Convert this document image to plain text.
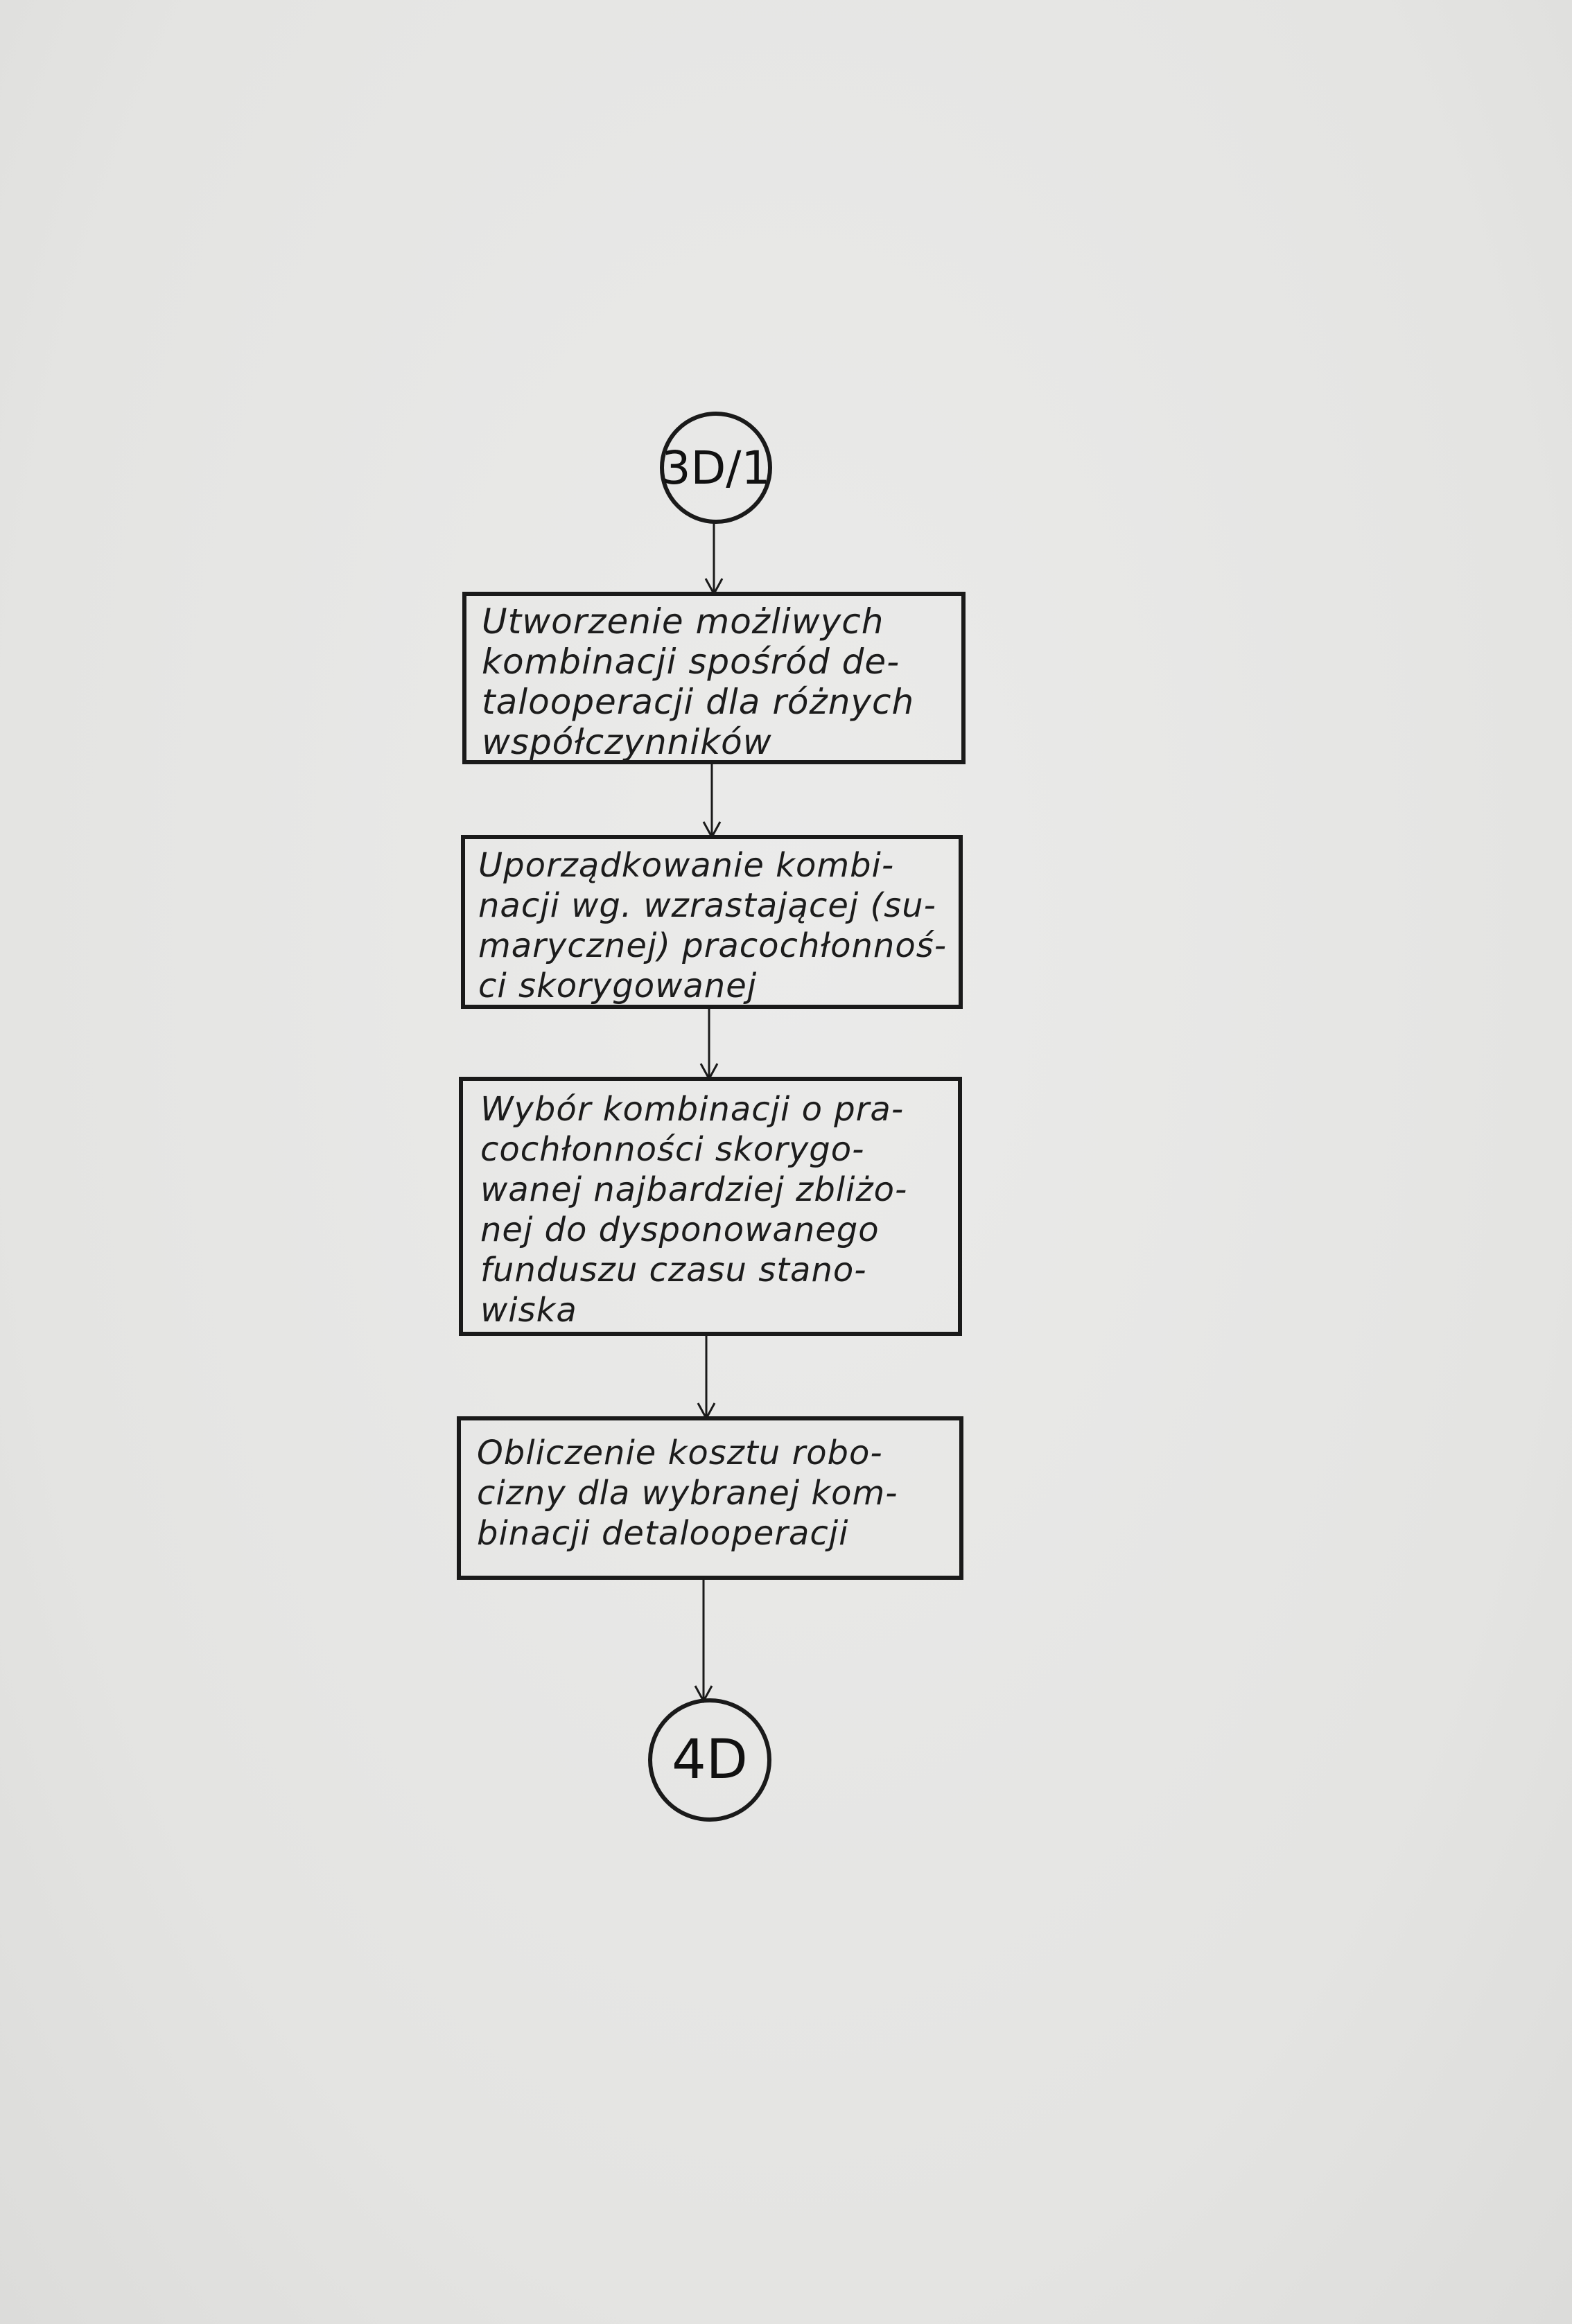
3D/1
4D
Utworzenie możliwych
kombinacji spośród de-
talooperacji dla różnych
współczynników
Uporządkowanie kombi-
nacji wg. wzrastającej (su-
marycznej) pracochłonnoś-
ci skorygowanej
Wybór kombinacji o pra-
cochłonności skorygo-
wanej najbardziej zbliżo-
nej do dysponowanego
funduszu czasu stano-
wiska
Obliczenie kosztu robo-
cizny dla wybranej kom-
binacji detalooperacji
